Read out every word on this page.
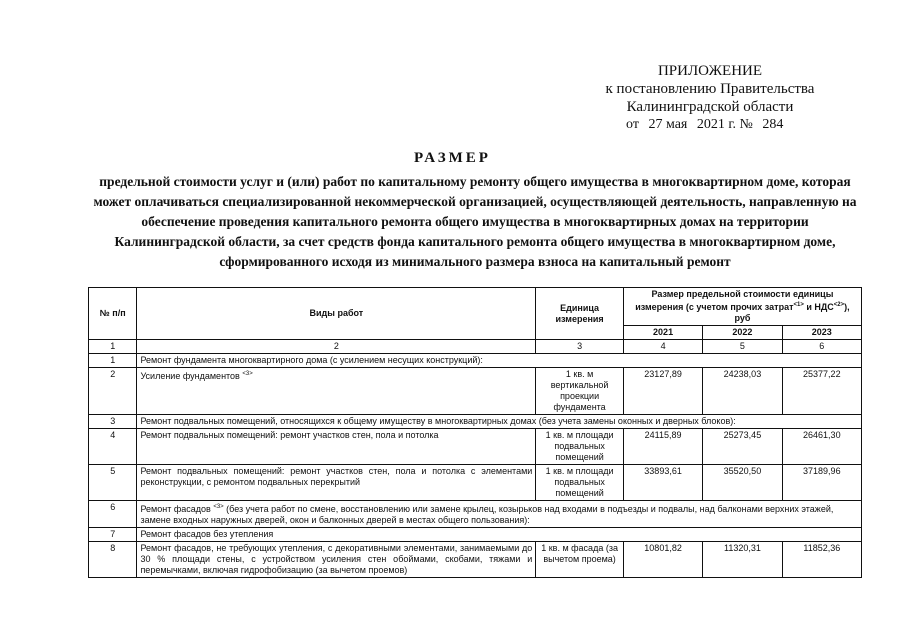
ПРИЛОЖЕНИЕ
к постановлению Правительства
Калининградской области
от 27 мая 2021 г. № 284
РАЗМЕР
предельной стоимости услуг и (или) работ по капитальному ремонту общего имущества в многоквартирном доме, которая может оплачиваться специализированной некоммерческой организацией, осуществляющей деятельность, направленную на обеспечение проведения капитального ремонта общего имущества в многоквартирных домах на территории Калининградской области, за счет средств фонда капитального ремонта общего имущества в многоквартирном доме, сформированного исходя из минимального размера взноса на капитальный ремонт
№ п/п	Виды работ	Единица измерения	Размер предельной стоимости единицы измерения (с учетом прочих затрат$^{<1>}$ и $НДС^{<2>}$), руб		
			2021	2022	2023
1	2	3	4	5	6
1	Ремонт фундамента многоквартирного дома (с усилением несущих конструкций):				
2	Усиление фундаментов $^{<3>}$	1 кв. м вертикальной проекции фундамента	23127,89	24238,03	25377,22
3	Ремонт подвальных помещений, относящихся к общему имуществу в многоквартирных домах (без учета замены оконных и дверных блоков):				
4	Ремонт подвальных помещений: ремонт участков стен, пола и потолка	1 кв. м площади подвальных помещений	24115,89	25273,45	26461,30
5	Ремонт подвальных помещений: ремонт участков стен, пола и потолка с элементами реконструкции, с ремонтом подвальных перекрытий	1 кв. м площади подвальных помещений	33893,61	35520,50	37189,96
6	Ремонт фасадов $^{<3>}$ (без учета работ по смене, восстановлению или замене крылец, козырьков над входами в подъезды и подвалы, над балконами верхних этажей, замене входных наружных дверей, окон и балконных дверей в местах общего пользования):				
7	Ремонт фасадов без утепления				
8	Ремонт фасадов, не требующих утепления, с декоративными элементами, занимаемыми до 30 % площади стены, с устройством усиления стен обоймами, скобами, тяжами и перемычками, включая гидрофобизацию (за вычетом проемов)	1 кв. м фасада (за вычетом проема)	10801,82	11320,31	11852,36
